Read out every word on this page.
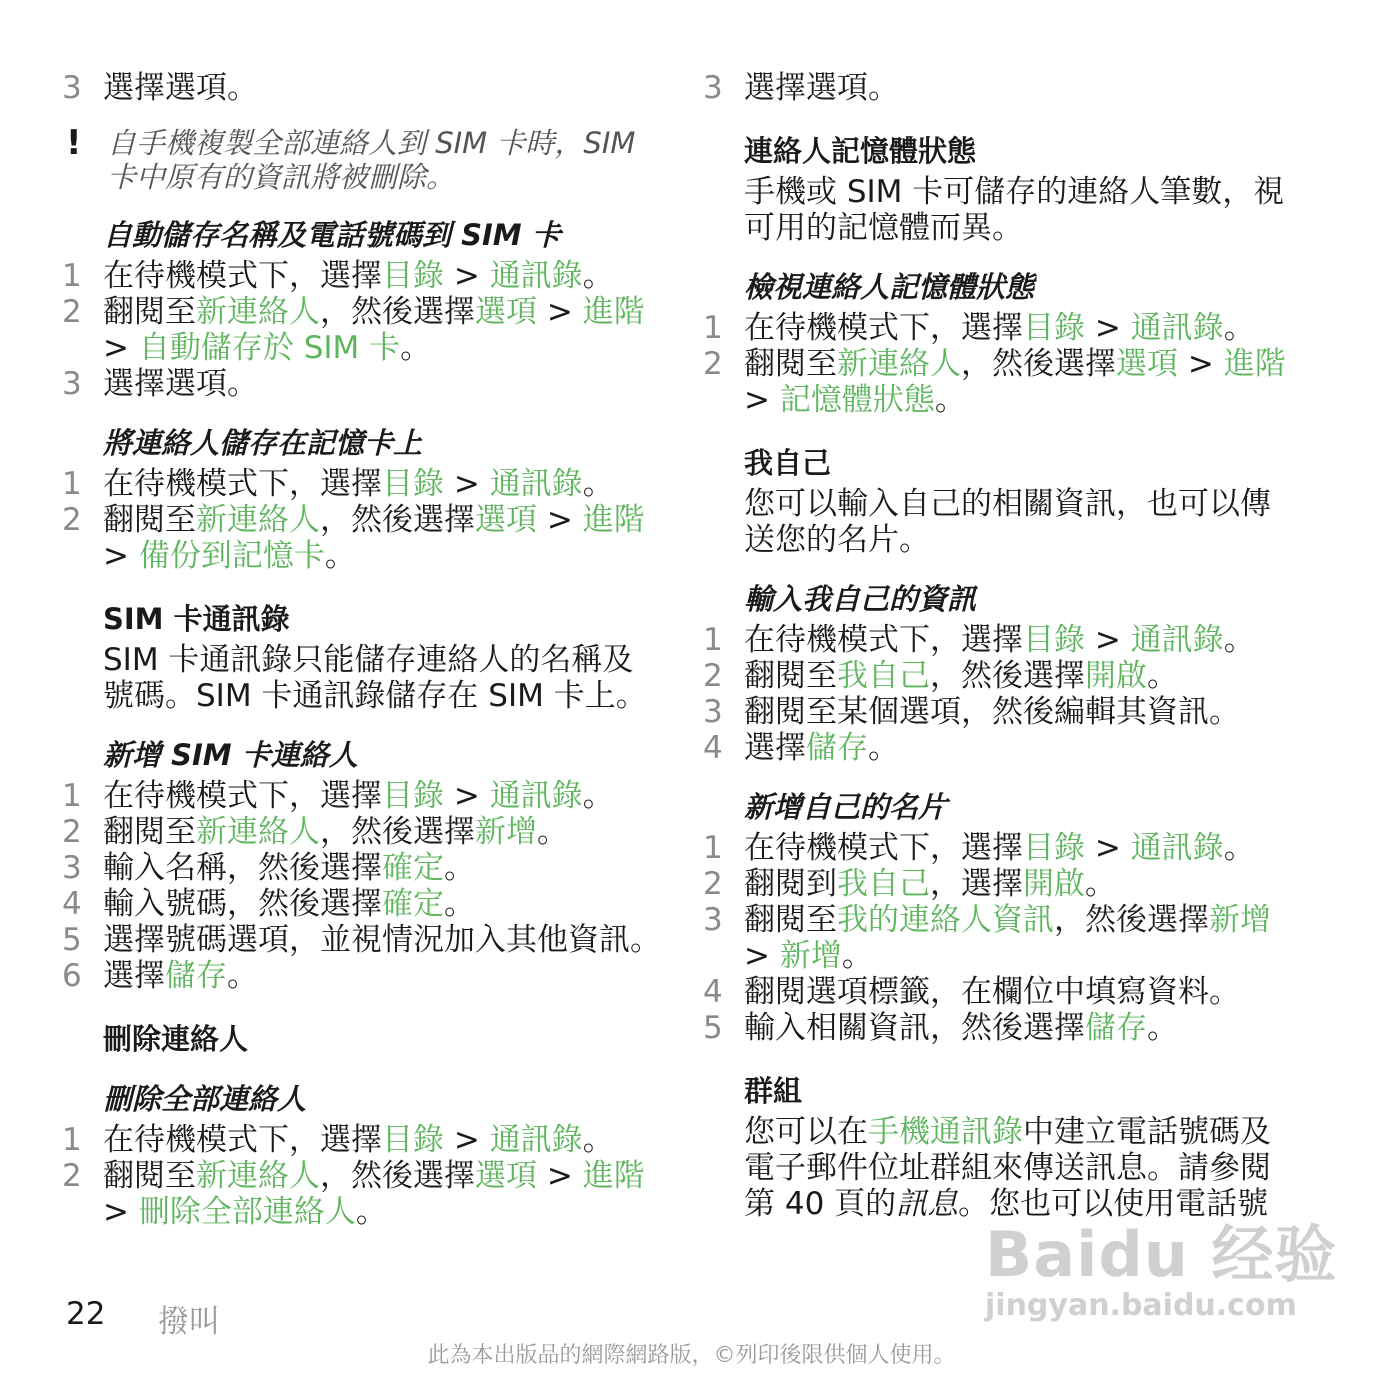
3 選擇選項。
! 自手機複製全部連絡人到 SIM 卡時，SIM
卡中原有的資訊將被刪除。
自動儲存名稱及電話號碼到 SIM 卡
1 在待機模式下，選擇目錄 > 通訊錄。
2 翻閱至新連絡人，然後選擇選項 > 進階
> 自動儲存於 SIM 卡。
3 選擇選項。
將連絡人儲存在記憶卡上
1 在待機模式下，選擇目錄 > 通訊錄。
2 翻閱至新連絡人，然後選擇選項 > 進階
> 備份到記憶卡。
SIM 卡通訊錄
SIM 卡通訊錄只能儲存連絡人的名稱及
號碼。SIM 卡通訊錄儲存在 SIM 卡上。
新增 SIM 卡連絡人
1 在待機模式下，選擇目錄 > 通訊錄。
2 翻閱至新連絡人，然後選擇新增。
3 輸入名稱，然後選擇確定。
4 輸入號碼，然後選擇確定。
5 選擇號碼選項，並視情況加入其他資訊。
6 選擇儲存。
刪除連絡人
刪除全部連絡人
1 在待機模式下，選擇目錄 > 通訊錄。
2 翻閱至新連絡人，然後選擇選項 > 進階
> 刪除全部連絡人。
3 選擇選項。
連絡人記憶體狀態
手機或 SIM 卡可儲存的連絡人筆數，視
可用的記憶體而異。
檢視連絡人記憶體狀態
1 在待機模式下，選擇目錄 > 通訊錄。
2 翻閱至新連絡人，然後選擇選項 > 進階
> 記憶體狀態。
我自己
您可以輸入自己的相關資訊，也可以傳
送您的名片。
輸入我自己的資訊
1 在待機模式下，選擇目錄 > 通訊錄。
2 翻閱至我自己，然後選擇開啟。
3 翻閱至某個選項，然後編輯其資訊。
4 選擇儲存。
新增自己的名片
1 在待機模式下，選擇目錄 > 通訊錄。
2 翻閱到我自己，選擇開啟。
3 翻閱至我的連絡人資訊，然後選擇新增
> 新增。
4 翻閱選項標籤，在欄位中填寫資料。
5 輸入相關資訊，然後選擇儲存。
群組
您可以在手機通訊錄中建立電話號碼及
電子郵件位址群組來傳送訊息。請參閱
第 40 頁的訊息。您也可以使用電話號
Baidu 经验
jingyan.baidu.com
22 撥叫
此為本出版品的網際網路版，©列印後限供個人使用。
